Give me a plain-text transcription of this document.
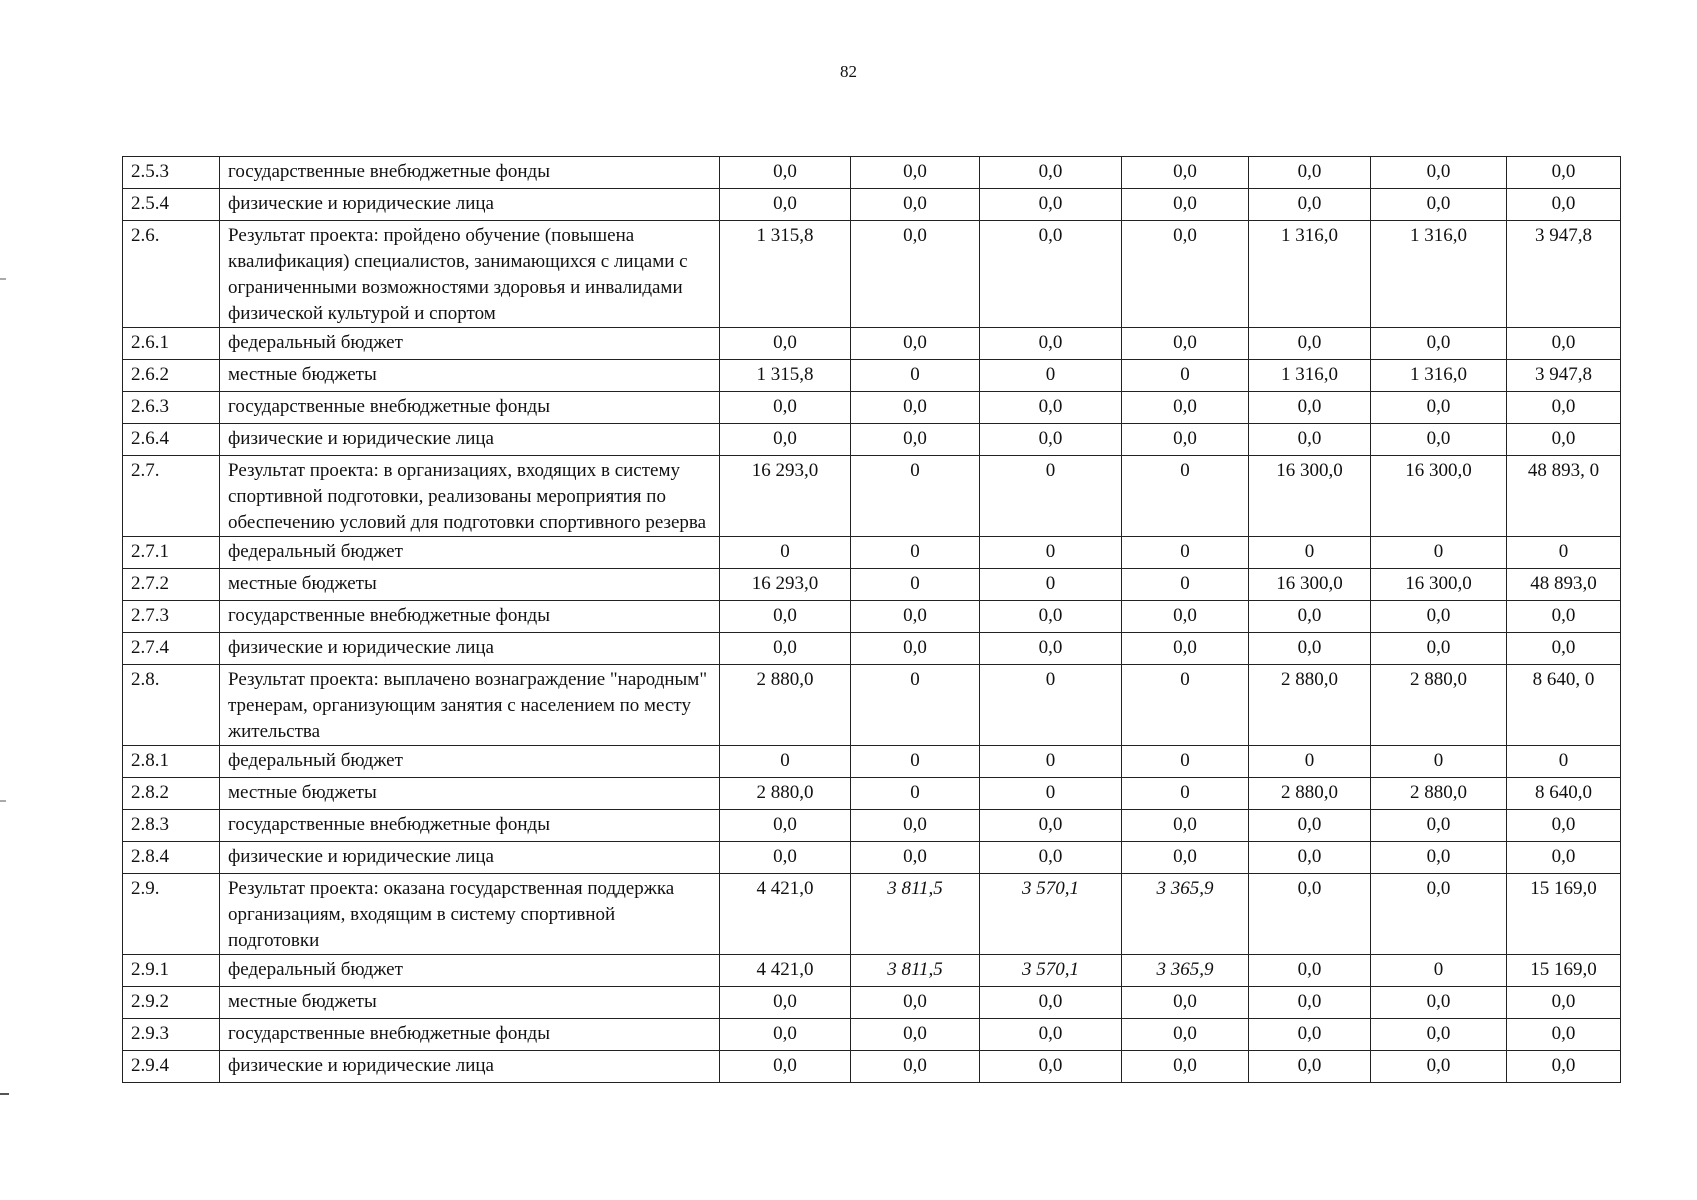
82
2.5.3	государственные внебюджетные фонды	0,0	0,0	0,0	0,0	0,0	0,0	0,0
2.5.4	физические и юридические лица	0,0	0,0	0,0	0,0	0,0	0,0	0,0
2.6.	Результат проекта: пройдено обучение (повышена квалификация) специалистов, занимающихся с лицами с ограниченными возможностями здоровья и инвалидами физической культурой и спортом	1 315,8	0,0	0,0	0,0	1 316,0	1 316,0	3 947,8
2.6.1	федеральный бюджет	0,0	0,0	0,0	0,0	0,0	0,0	0,0
2.6.2	местные бюджеты	1 315,8	0	0	0	1 316,0	1 316,0	3 947,8
2.6.3	государственные внебюджетные фонды	0,0	0,0	0,0	0,0	0,0	0,0	0,0
2.6.4	физические и юридические лица	0,0	0,0	0,0	0,0	0,0	0,0	0,0
2.7.	Результат проекта: в организациях, входящих в систему спортивной подготовки, реализованы мероприятия по обеспечению условий для подготовки спортивного резерва	16 293,0	0	0	0	16 300,0	16 300,0	48 893, 0
2.7.1	федеральный бюджет	0	0	0	0	0	0	0
2.7.2	местные бюджеты	16 293,0	0	0	0	16 300,0	16 300,0	48 893,0
2.7.3	государственные внебюджетные фонды	0,0	0,0	0,0	0,0	0,0	0,0	0,0
2.7.4	физические и юридические лица	0,0	0,0	0,0	0,0	0,0	0,0	0,0
2.8.	Результат проекта: выплачено вознаграждение "народным" тренерам, организующим занятия с населением по месту жительства	2 880,0	0	0	0	2 880,0	2 880,0	8 640, 0
2.8.1	федеральный бюджет	0	0	0	0	0	0	0
2.8.2	местные бюджеты	2 880,0	0	0	0	2 880,0	2 880,0	8 640,0
2.8.3	государственные внебюджетные фонды	0,0	0,0	0,0	0,0	0,0	0,0	0,0
2.8.4	физические и юридические лица	0,0	0,0	0,0	0,0	0,0	0,0	0,0
2.9.	Результат проекта: оказана государственная поддержка организациям, входящим в систему спортивной подготовки	4 421,0	3 811,5	3 570,1	3 365,9	0,0	0,0	15 169,0
2.9.1	федеральный бюджет	4 421,0	3 811,5	3 570,1	3 365,9	0,0	0	15 169,0
2.9.2	местные бюджеты	0,0	0,0	0,0	0,0	0,0	0,0	0,0
2.9.3	государственные внебюджетные фонды	0,0	0,0	0,0	0,0	0,0	0,0	0,0
2.9.4	физические и юридические лица	0,0	0,0	0,0	0,0	0,0	0,0	0,0
